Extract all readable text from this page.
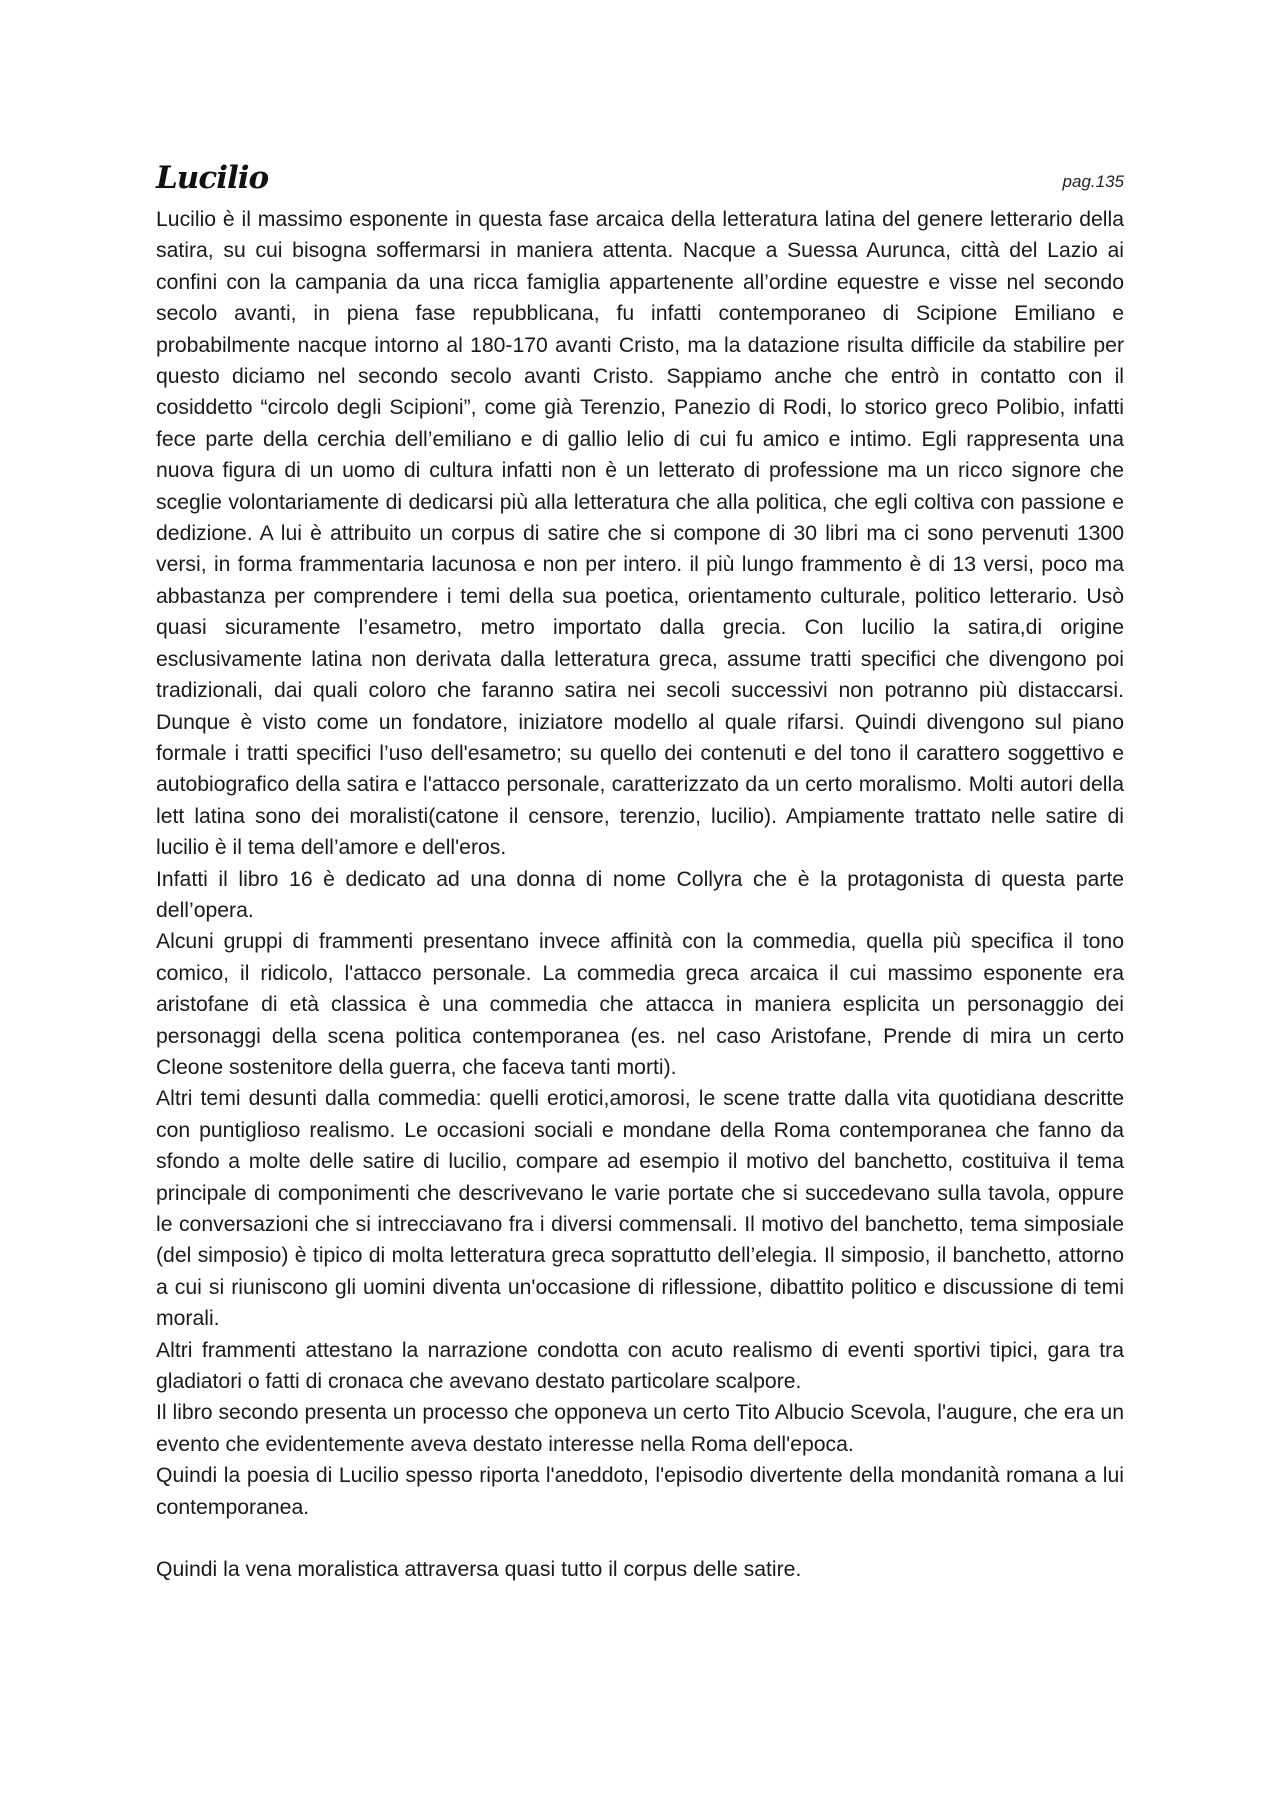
Lucilio	pag.135

Lucilio è il massimo esponente in questa fase arcaica della letteratura latina del genere letterario della satira, su cui bisogna soffermarsi in maniera attenta. Nacque a Suessa Aurunca, città del Lazio ai confini con la campania da una ricca famiglia appartenente all’ordine equestre e visse nel secondo secolo avanti, in piena fase repubblicana, fu infatti contemporaneo di Scipione Emiliano e probabilmente nacque intorno al 180-170 avanti Cristo, ma la datazione risulta difficile da stabilire per questo diciamo nel secondo secolo avanti Cristo. Sappiamo anche che entrò in contatto con il cosiddetto “circolo degli Scipioni”, come già Terenzio, Panezio di Rodi, lo storico greco Polibio, infatti fece parte della cerchia dell’emiliano e di gallio lelio di cui fu amico e intimo. Egli rappresenta una nuova figura di un uomo di cultura infatti non è un letterato di professione ma un ricco signore che sceglie volontariamente di dedicarsi più alla letteratura che alla politica, che egli coltiva con passione e dedizione. A lui è attribuito un corpus di satire che si compone di 30 libri ma ci sono pervenuti 1300 versi, in forma frammentaria lacunosa e non per intero. il più lungo frammento è di 13 versi, poco ma abbastanza per comprendere i temi della sua poetica, orientamento culturale, politico letterario. Usò quasi sicuramente l’esametro, metro importato dalla grecia. Con lucilio la satira,di origine esclusivamente latina non derivata dalla letteratura greca, assume tratti specifici che divengono poi tradizionali, dai quali coloro che faranno satira nei secoli successivi non potranno più distaccarsi. Dunque è visto come un fondatore, iniziatore modello al quale rifarsi. Quindi divengono sul piano formale i tratti specifici l’uso dell'esametro; su quello dei contenuti e del tono il carattero soggettivo e autobiografico della satira e l'attacco personale, caratterizzato da un certo moralismo. Molti autori della lett latina sono dei moralisti(catone il censore, terenzio, lucilio). Ampiamente trattato nelle satire di lucilio è il tema dell’amore e dell'eros.

Infatti il libro 16 è dedicato ad una donna di nome Collyra che è la protagonista di questa parte dell’opera.

Alcuni gruppi di frammenti presentano invece affinità con la commedia, quella più specifica il tono comico, il ridicolo, l'attacco personale. La commedia greca arcaica il cui massimo esponente era aristofane di età classica è una commedia che attacca in maniera esplicita un personaggio dei personaggi della scena politica contemporanea (es. nel caso Aristofane, Prende di mira un certo Cleone sostenitore della guerra, che faceva tanti morti).

Altri temi desunti dalla commedia: quelli erotici,amorosi, le scene tratte dalla vita quotidiana descritte con puntiglioso realismo. Le occasioni sociali e mondane della Roma contemporanea che fanno da sfondo a molte delle satire di lucilio, compare ad esempio il motivo del banchetto, costituiva il tema principale di componimenti che descrivevano le varie portate che si succedevano sulla tavola, oppure le conversazioni che si intrecciavano fra i diversi commensali. Il motivo del banchetto, tema simposiale (del simposio) è tipico di molta letteratura greca soprattutto dell’elegia. Il simposio, il banchetto, attorno a cui si riuniscono gli uomini diventa un'occasione di riflessione, dibattito politico e discussione di temi morali.

Altri frammenti attestano la narrazione condotta con acuto realismo di eventi sportivi tipici, gara tra gladiatori o fatti di cronaca che avevano destato particolare scalpore.

Il libro secondo presenta un processo che opponeva un certo Tito Albucio Scevola, l'augure, che era un evento che evidentemente aveva destato interesse nella Roma dell'epoca.

Quindi la poesia di Lucilio spesso riporta l'aneddoto, l'episodio divertente della mondanità romana a lui contemporanea.

Quindi la vena moralistica attraversa quasi tutto il corpus delle satire.
